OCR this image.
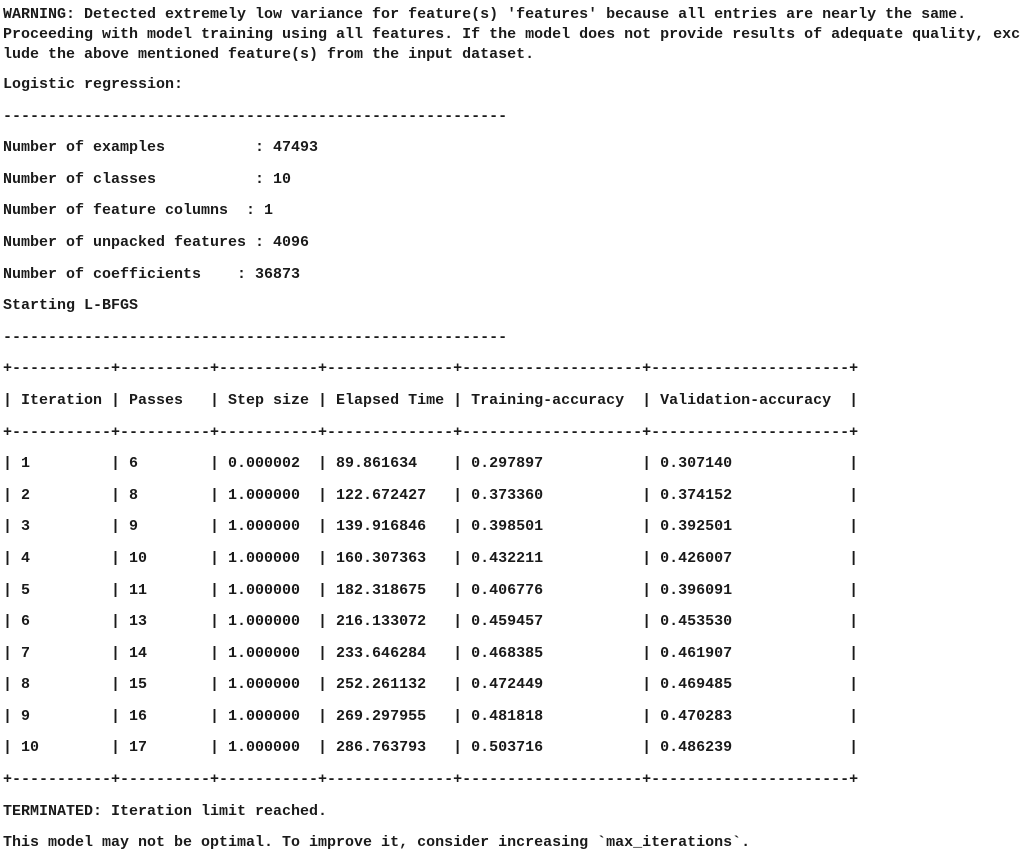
WARNING: Detected extremely low variance for feature(s) 'features' because all entries are nearly the same.
Proceeding with model training using all features. If the model does not provide results of adequate quality, exc
lude the above mentioned feature(s) from the input dataset.
Logistic regression:
--------------------------------------------------------
Number of examples          : 47493
Number of classes           : 10
Number of feature columns  : 1
Number of unpacked features : 4096
Number of coefficients    : 36873
Starting L-BFGS
--------------------------------------------------------
+-----------+----------+-----------+--------------+--------------------+----------------------+
| Iteration | Passes   | Step size | Elapsed Time | Training-accuracy  | Validation-accuracy  |
+-----------+----------+-----------+--------------+--------------------+----------------------+
| 1         | 6        | 0.000002  | 89.861634    | 0.297897           | 0.307140             |
| 2         | 8        | 1.000000  | 122.672427   | 0.373360           | 0.374152             |
| 3         | 9        | 1.000000  | 139.916846   | 0.398501           | 0.392501             |
| 4         | 10       | 1.000000  | 160.307363   | 0.432211           | 0.426007             |
| 5         | 11       | 1.000000  | 182.318675   | 0.406776           | 0.396091             |
| 6         | 13       | 1.000000  | 216.133072   | 0.459457           | 0.453530             |
| 7         | 14       | 1.000000  | 233.646284   | 0.468385           | 0.461907             |
| 8         | 15       | 1.000000  | 252.261132   | 0.472449           | 0.469485             |
| 9         | 16       | 1.000000  | 269.297955   | 0.481818           | 0.470283             |
| 10        | 17       | 1.000000  | 286.763793   | 0.503716           | 0.486239             |
+-----------+----------+-----------+--------------+--------------------+----------------------+
TERMINATED: Iteration limit reached.
This model may not be optimal. To improve it, consider increasing `max_iterations`.
